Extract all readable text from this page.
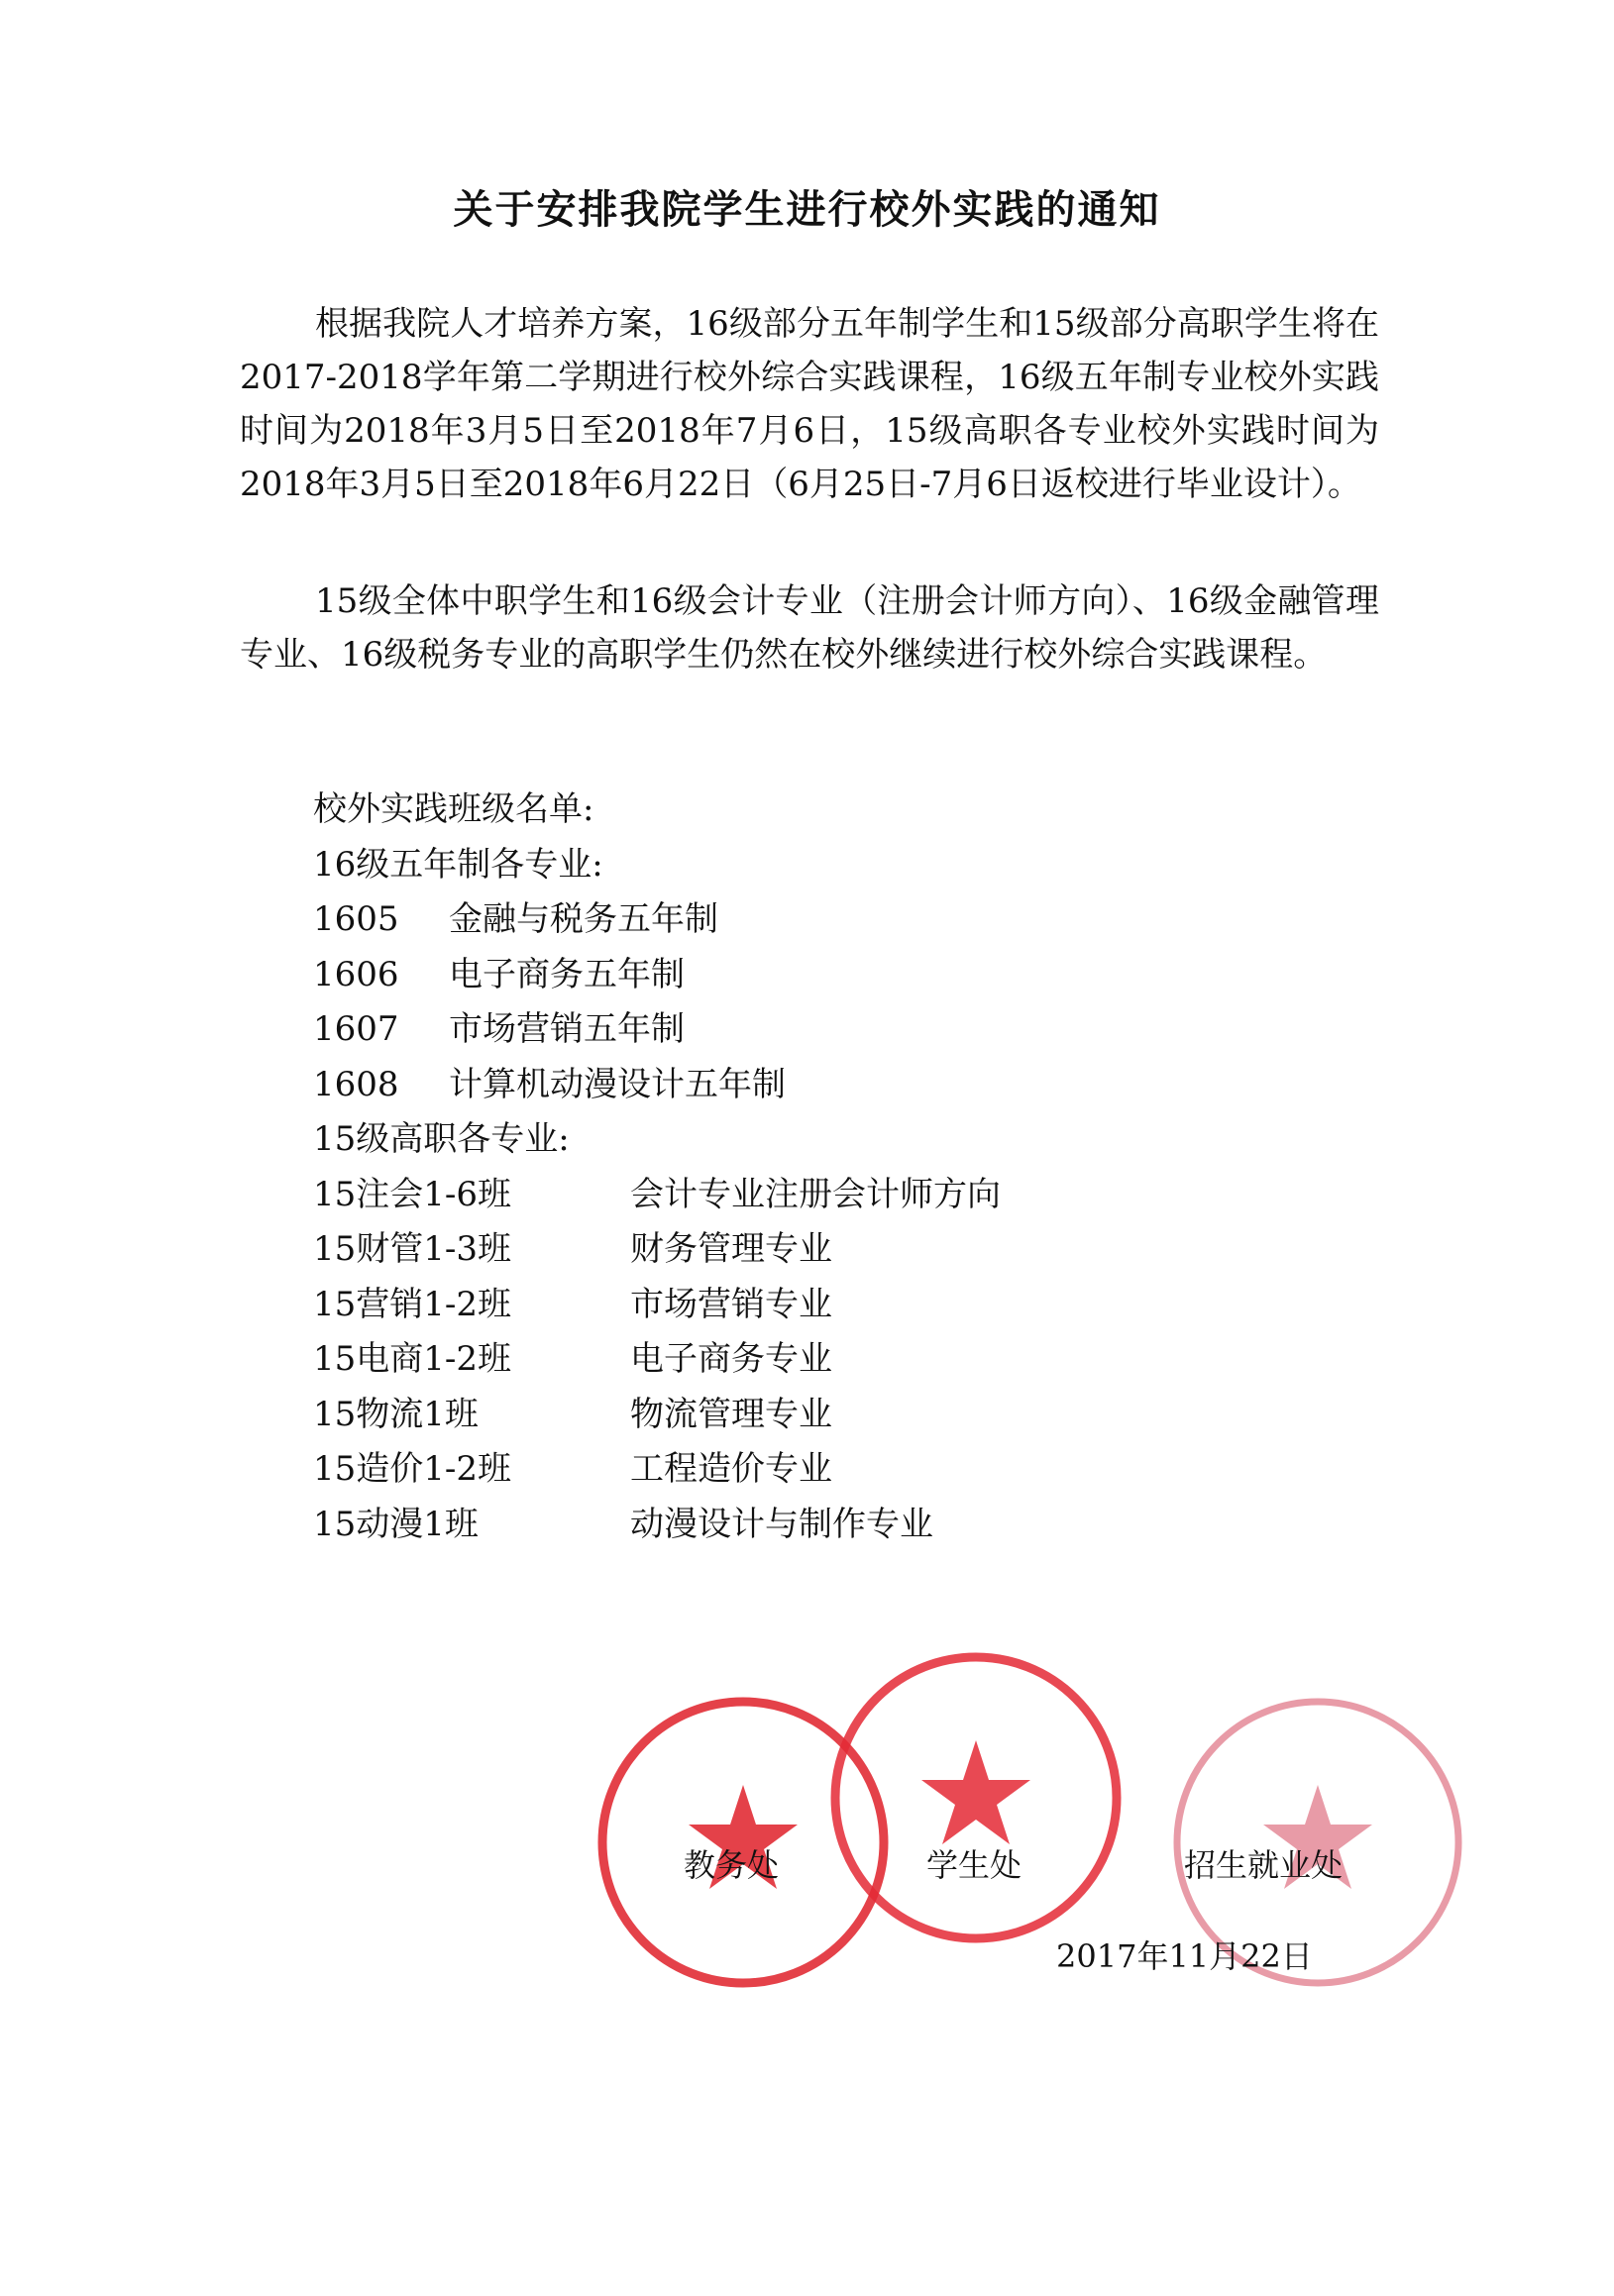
关于安排我院学生进行校外实践的通知

根据我院人才培养方案，16级部分五年制学生和15级部分高职学生将在2017-2018学年第二学期进行校外综合实践课程，16级五年制专业校外实践时间为2018年3月5日至2018年7月6日，15级高职各专业校外实践时间为2018年3月5日至2018年6月22日（6月25日-7月6日返校进行毕业设计）。

15级全体中职学生和16级会计专业（注册会计师方向）、16级金融管理专业、16级税务专业的高职学生仍然在校外继续进行校外综合实践课程。

校外实践班级名单:
16级五年制各专业:
1605 金融与税务五年制
1606 电子商务五年制
1607 市场营销五年制
1608 计算机动漫设计五年制
15级高职各专业:
15注会1-6班	会计专业注册会计师方向
15财管1-3班	财务管理专业
15营销1-2班	市场营销专业
15电商1-2班	电子商务专业
15物流1班	物流管理专业
15造价1-2班	工程造价专业
15动漫1班	动漫设计与制作专业
教务处	学生处	招生就业处
2017年11月22日
